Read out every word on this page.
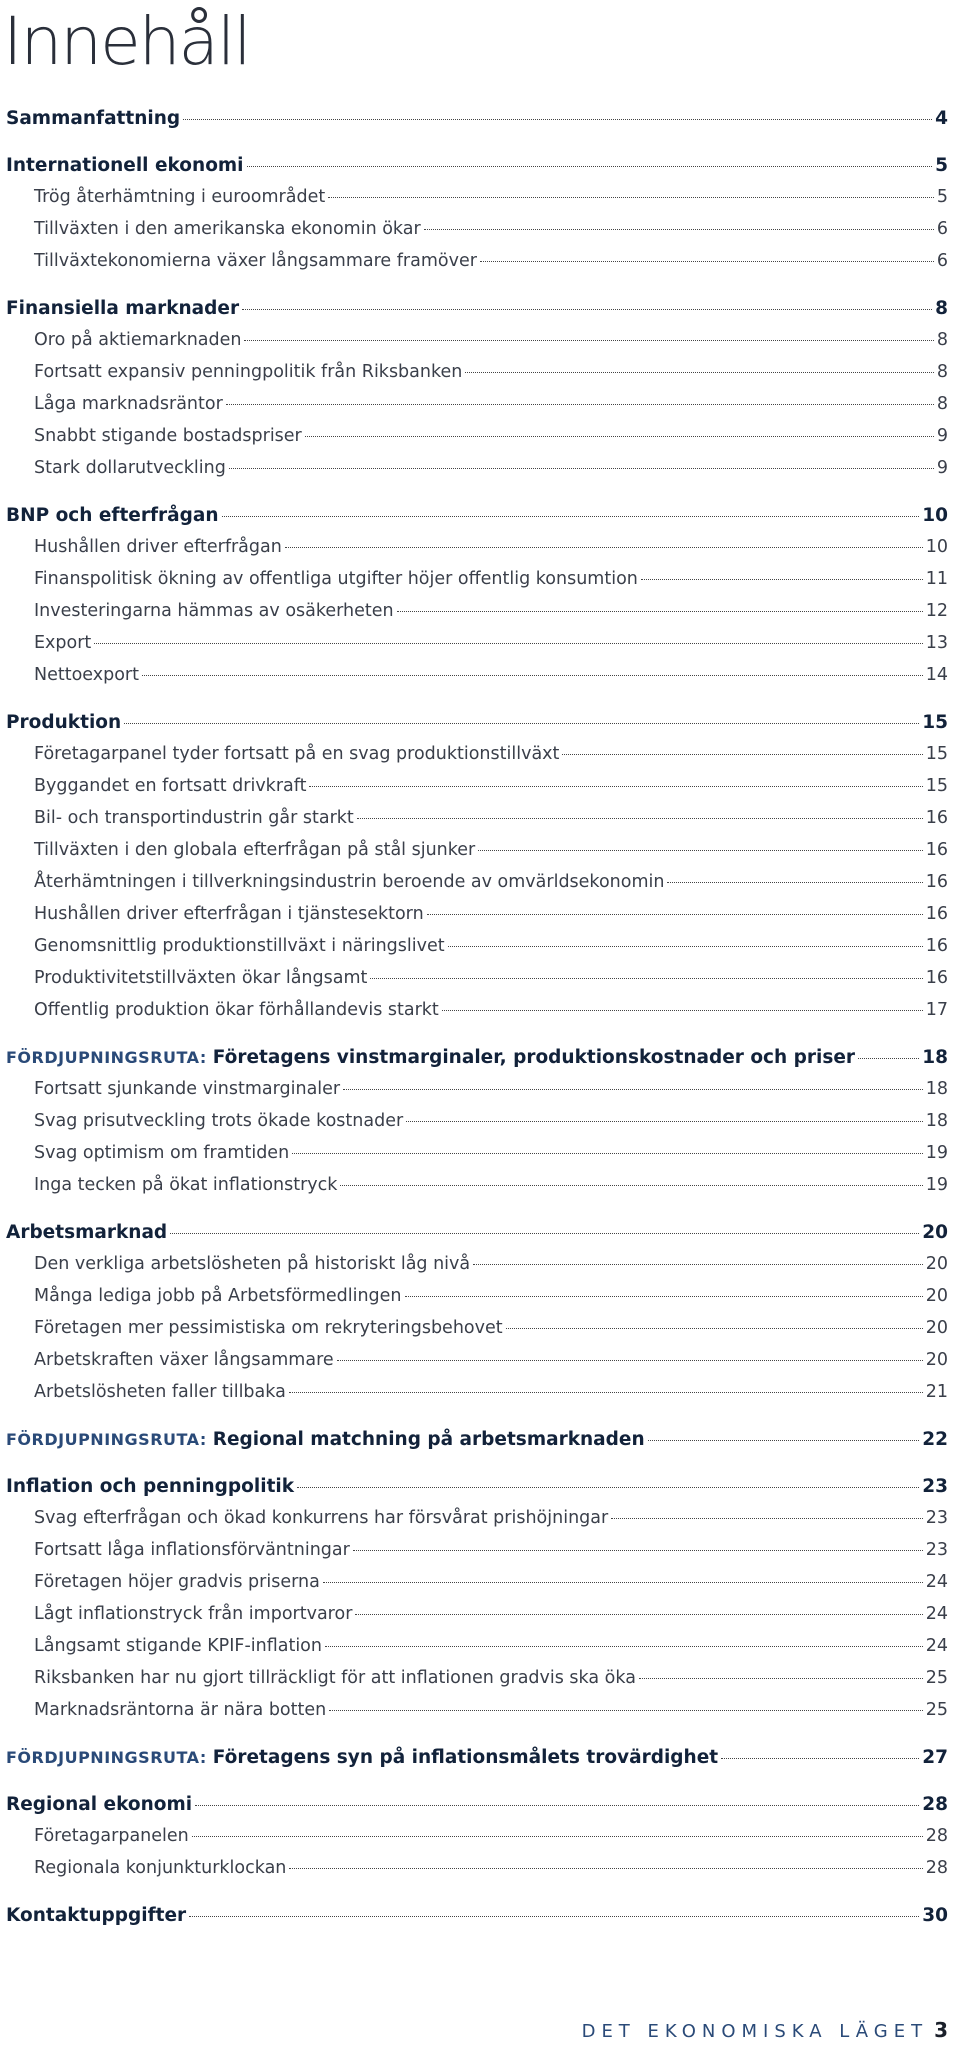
Innehåll
Sammanfattning	4
Internationell ekonomi	5
Trög återhämtning i euroområdet	5
Tillväxten i den amerikanska ekonomin ökar	6
Tillväxtekonomierna växer långsammare framöver	6
Finansiella marknader	8
Oro på aktiemarknaden	8
Fortsatt expansiv penningpolitik från Riksbanken	8
Låga marknadsräntor	8
Snabbt stigande bostadspriser	9
Stark dollarutveckling	9
BNP och efterfrågan	10
Hushållen driver efterfrågan	10
Finanspolitisk ökning av offentliga utgifter höjer offentlig konsumtion	11
Investeringarna hämmas av osäkerheten	12
Export	13
Nettoexport	14
Produktion	15
Företagarpanel tyder fortsatt på en svag produktionstillväxt	15
Byggandet en fortsatt drivkraft	15
Bil- och transportindustrin går starkt	16
Tillväxten i den globala efterfrågan på stål sjunker	16
Återhämtningen i tillverkningsindustrin beroende av omvärldsekonomin	16
Hushållen driver efterfrågan i tjänstesektorn	16
Genomsnittlig produktionstillväxt i näringslivet	16
Produktivitetstillväxten ökar långsamt	16
Offentlig produktion ökar förhållandevis starkt	17
FÖRDJUPNINGSRUTA: Företagens vinstmarginaler, produktionskostnader och priser	18
Fortsatt sjunkande vinstmarginaler	18
Svag prisutveckling trots ökade kostnader	18
Svag optimism om framtiden	19
Inga tecken på ökat inflationstryck	19
Arbetsmarknad	20
Den verkliga arbetslösheten på historiskt låg nivå	20
Många lediga jobb på Arbetsförmedlingen	20
Företagen mer pessimistiska om rekryteringsbehovet	20
Arbetskraften växer långsammare	20
Arbetslösheten faller tillbaka	21
FÖRDJUPNINGSRUTA: Regional matchning på arbetsmarknaden	22
Inflation och penningpolitik	23
Svag efterfrågan och ökad konkurrens har försvårat prishöjningar	23
Fortsatt låga inflationsförväntningar	23
Företagen höjer gradvis priserna	24
Lågt inflationstryck från importvaror	24
Långsamt stigande KPIF-inflation	24
Riksbanken har nu gjort tillräckligt för att inflationen gradvis ska öka	25
Marknadsräntorna är nära botten	25
FÖRDJUPNINGSRUTA: Företagens syn på inflationsmålets trovärdighet	27
Regional ekonomi	28
Företagarpanelen	28
Regionala konjunkturklockan	28
Kontaktuppgifter	30
DET EKONOMISKA LÄGET 3
